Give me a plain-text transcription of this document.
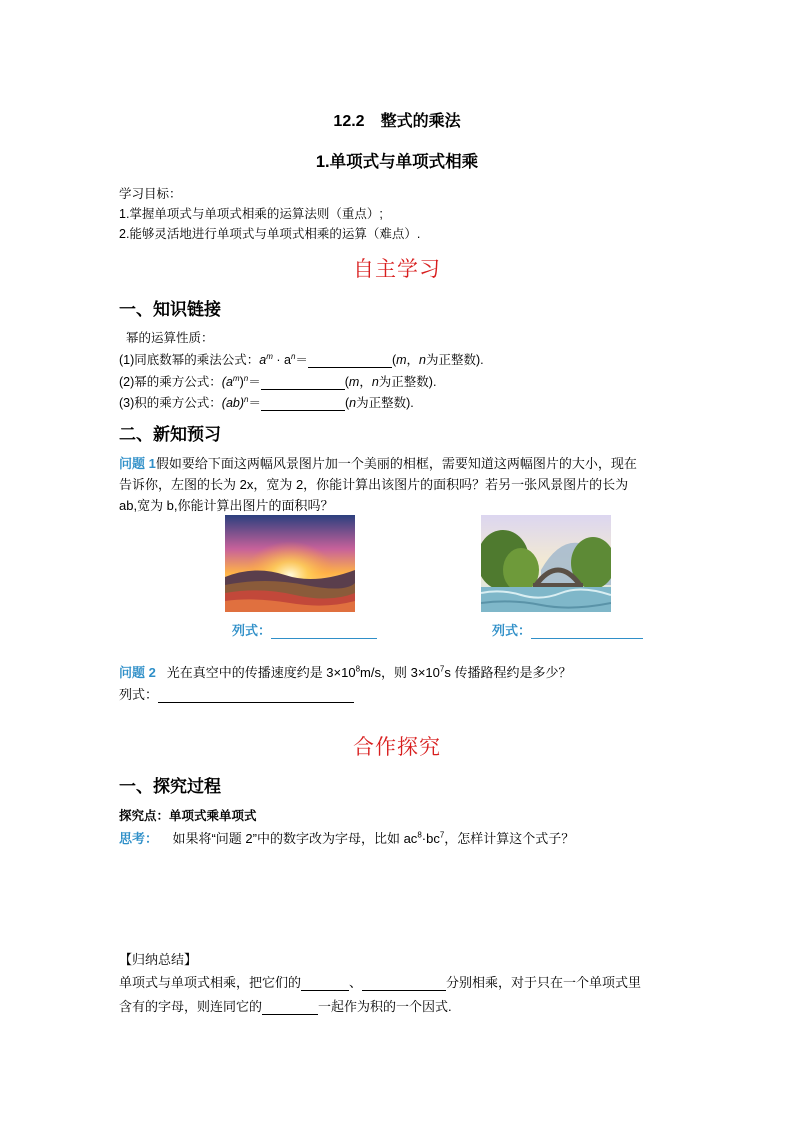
12.2　整式的乘法
1.单项式与单项式相乘
学习目标：
1.掌握单项式与单项式相乘的运算法则（重点）;
2.能够灵活地进行单项式与单项式相乘的运算（难点）.
自主学习
一、知识链接
幂的运算性质：
(1)同底数幂的乘法公式：$a^m \cdot a^n=$	(m，n为正整数).
(2)幂的乘方公式：$(a^m)^n=$	(m，n为正整数).
(3)积的乘方公式：(ab)$^n$＝	(n为正整数).
二、新知预习
问题 1假如要给下面这两幅风景图片加一个美丽的相框，需要知道这两幅图片的大小，现在
告诉你，左图的长为 2x，宽为 2，你能计算出该图片的面积吗？若另一张风景图片的长为
ab,宽为 b,你能计算出图片的面积吗？
列式：	列式：
问题 2 光在真空中的传播速度约是 $3\times 10^8m/s$，则 $3\times 10^7s$ 传播路程约是多少？
列式：
合作探究
一、探究过程
探究点：单项式乘单项式
思考： 如果将“问题 2”中的数字改为字母，比如 $ac^8\cdot bc^7$，怎样计算这个式子？
【归纳总结】
单项式与单项式相乘，把它们的	、	分别相乘，对于只在一个单项式里
含有的字母，则连同它的	一起作为积的一个因式.
